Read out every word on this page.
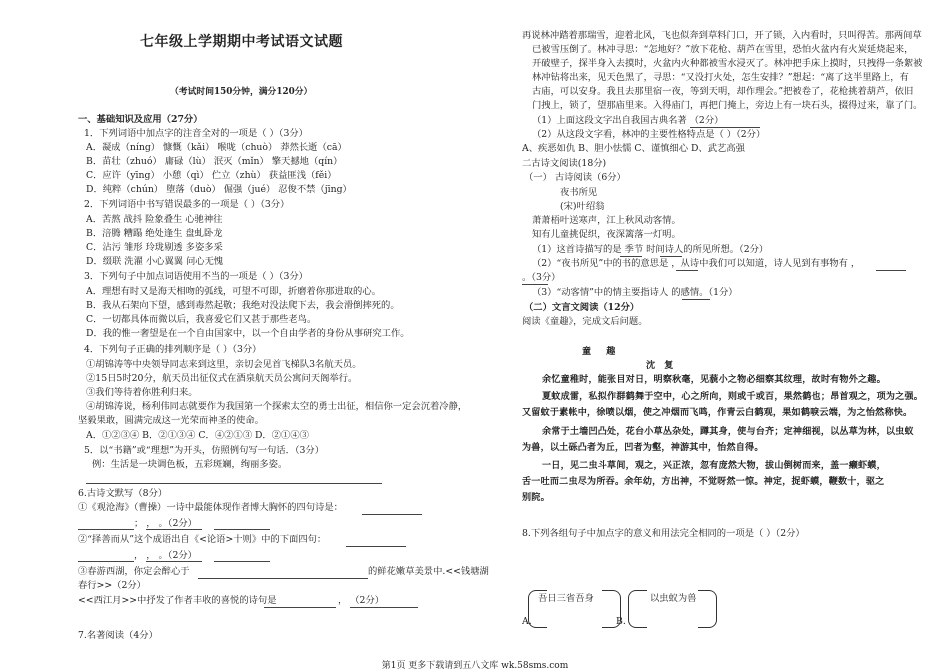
七年级上学期期中考试语文试题
（考试时间150分钟，满分120分）
一、基础知识及应用（27分）
1．下列词语中加点字的注音全对的一项是（ ）（3分）
A．凝成（níng） 慷慨（kǎi） 喉咙（chuò） 莽然长逝（cā）
B．苗壮（zhuó） 庸碌（lù） 泯灭（mǐn） 擎天撼地（qín）
C．应许（yīng） 小憩（qì） 伫立（zhù） 获益匪浅（fěi）
D．纯粹（chún） 堕落（duò） 倔强（jué） 忍俊不禁（jīng）
2．下列词语中书写错误最多的一项是（ ）（3分）
A．苦熬 战抖 险象叠生 心驰神往
B．涪腾 糟蹋 绝处逢生 盘虬卧龙
C．沾污 雏形 玲珑剔透 多姿多采
D．缀联 洗濯 小心翼翼 问心无愧
3．下列句子中加点词语使用不当的一项是（ ）（3分）
A．理想有时又是海天相吻的弧线，可望不可即，折磨着你那进取的心。
B．我从石架向下望，感到毒然起敬；我绝对没法爬下去，我会滑倒摔死的。
C．一切都具体而微以后，我喜爱它们又甚于那些老鸟。
D．我的惟一奢望是在一个自由国家中，以一个自由学者的身份从事研究工作。
4．下列句子正确的排列顺序是（ ）（3分）
①胡锦涛等中央领导同志来到这里，亲切会见首飞梯队3名航天员。
②15日5时20分，航天员出征仪式在酒泉航天员公寓问天阁举行。
③我们等待着你胜利归来。
④胡锦涛说，杨利伟同志就要作为我国第一个探索太空的勇士出征，相信你一定会沉着冷静，
坚毅果敢，圆满完成这一光荣而神圣的使命。
A．①②③④ B．②①③④ C．④②①③ D．②①④③
5．以“书籍”或“理想”为开头，仿照例句写一句话．（3分）
例：生活是一块调色板，五彩斑斓，绚丽多姿。
6.古诗文默写（8分）
①《观沧海》（曹操）一诗中最能体现作者博大胸怀的四句诗是：
； ， 。（2分）
②“择善而从”这个成语出自《<论语>十则》中的下面四句：
， ， 。（2分）
③春游西湖，你定会醉心于	的鲜花嫩草美景中.<<钱塘湖
春行>>（2分）
<<西江月>>中抒发了作者丰收的喜悦的诗句是	， （2分）
7.名著阅读（4分）
再说林冲踏着那瑞雪，迎着北风，飞也似奔到草料门口，开了锁，入内看时，只叫得苦。那两间草
已被雪压倒了。林冲寻思：“怎地好？”放下花枪、葫芦在雪里，恐怕火盆内有火炭延烧起来，
开破壁子，探半身入去摸时，火盆内火种都被雪水浸灭了。林冲把手床上摸时，只拽得一条絮被
林冲钻将出来，见天色黑了，寻思：“又没打火处，怎生安排？”想起：“离了这半里路上，有
古庙，可以安身。我且去那里宿一夜，等到天明，却作理会。”把被卷了，花枪挑着葫芦，依旧
门拽上，锁了，望那庙里来。入得庙门，再把门掩上，旁边上有一块石头，掇得过来，靠了门。
（1）上面这段文字出自我国古典名著 （2分）
（2）从这段文字看，林冲的主要性格特点是（ ）（2分）
A、疾恶如仇 B、胆小怯懦 C、谨慎细心 D、武艺高强
二古诗文阅读(18分)
（一） 古诗阅读（6分）
夜书所见
(宋)叶绍翁
萧萧梧叶送寒声，江上秋风动客情。
知有儿童挑促织，夜深篱落一灯明。
（1）这首诗描写的是 季节 时间诗人的所见所想。（2分）
（2）“夜书所见”中的书的意思是 ，从诗中我们可以知道，诗人见到有事物有 ，
。（3分）
（3）“动客情”中的情主要指诗人 的感情。（1分）
（二）文言文阅读（12分）
阅读《童趣》，完成文后问题。
童 趣
沈 复
余忆童稚时，能张目对日，明察秋毫，见藐小之物必细察其纹理，故时有物外之趣。
夏蚊成雷，私拟作群鹤舞于空中，心之所向，则或千或百，果然鹤也；昂首观之，项为之强。
又留蚊于素帐中，徐喷以烟，使之冲烟而飞鸣，作青云白鹤观，果如鹤唳云端，为之怡然称快。
余常于土墙凹凸处，花台小草丛杂处，蹲其身，使与台齐；定神细视，以丛草为林，以虫蚁
为兽，以土砾凸者为丘，凹者为壑，神游其中，怡然自得。
一日，见二虫斗草间，观之，兴正浓，忽有庞然大物，拔山倒树而来，盖一癞虾蟆，
舌一吐而二虫尽为所吞。余年幼，方出神，不觉呀然一惊。神定，捉虾蟆，鞭数十，驱之
别院。
8.下列各组句子中加点字的意义和用法完全相同的一项是（ ）（2分）
吾日三省吾身
A.
以虫蚁为兽
B.
第1页 更多下载请到五八文库 wk.58sms.com
